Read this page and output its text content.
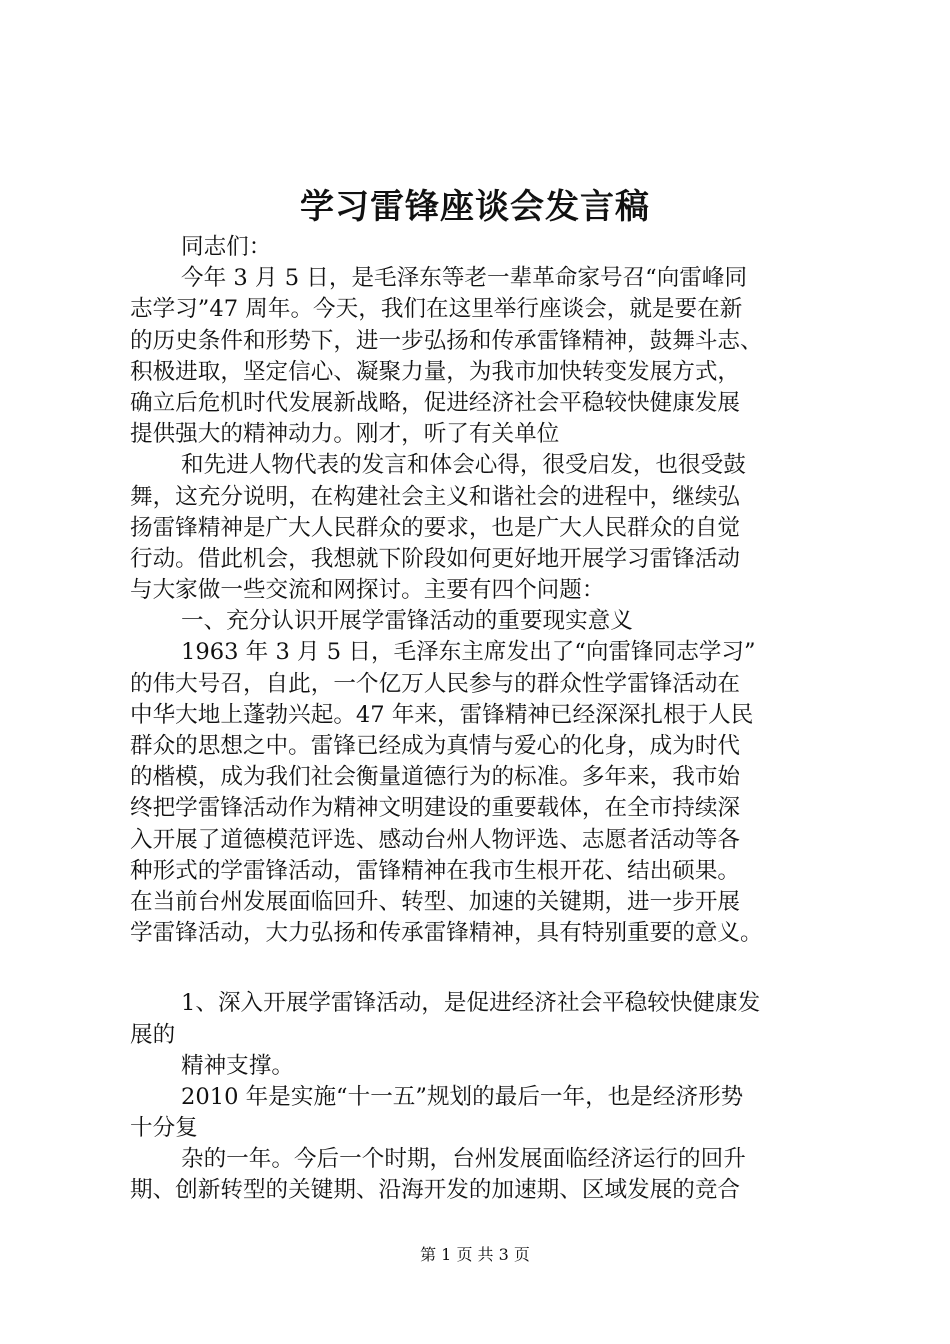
学习雷锋座谈会发言稿
同志们：
今年 3 月 5 日，是毛泽东等老一辈革命家号召“向雷峰同
志学习”47 周年。今天，我们在这里举行座谈会，就是要在新
的历史条件和形势下，进一步弘扬和传承雷锋精神，鼓舞斗志、
积极进取，坚定信心、凝聚力量，为我市加快转变发展方式，
确立后危机时代发展新战略，促进经济社会平稳较快健康发展
提供强大的精神动力。刚才，听了有关单位
和先进人物代表的发言和体会心得，很受启发，也很受鼓
舞，这充分说明，在构建社会主义和谐社会的进程中，继续弘
扬雷锋精神是广大人民群众的要求，也是广大人民群众的自觉
行动。借此机会，我想就下阶段如何更好地开展学习雷锋活动
与大家做一些交流和网探讨。主要有四个问题：
一、充分认识开展学雷锋活动的重要现实意义
1963 年 3 月 5 日，毛泽东主席发出了“向雷锋同志学习”
的伟大号召，自此，一个亿万人民参与的群众性学雷锋活动在
中华大地上蓬勃兴起。47 年来，雷锋精神已经深深扎根于人民
群众的思想之中。雷锋已经成为真情与爱心的化身，成为时代
的楷模，成为我们社会衡量道德行为的标准。多年来，我市始
终把学雷锋活动作为精神文明建设的重要载体，在全市持续深
入开展了道德模范评选、感动台州人物评选、志愿者活动等各
种形式的学雷锋活动，雷锋精神在我市生根开花、结出硕果。
在当前台州发展面临回升、转型、加速的关键期，进一步开展
学雷锋活动，大力弘扬和传承雷锋精神，具有特别重要的意义。
1、深入开展学雷锋活动，是促进经济社会平稳较快健康发
展的
精神支撑。
2010 年是实施“十一五”规划的最后一年，也是经济形势
十分复
杂的一年。今后一个时期，台州发展面临经济运行的回升
期、创新转型的关键期、沿海开发的加速期、区域发展的竞合
第 1 页 共 3 页
